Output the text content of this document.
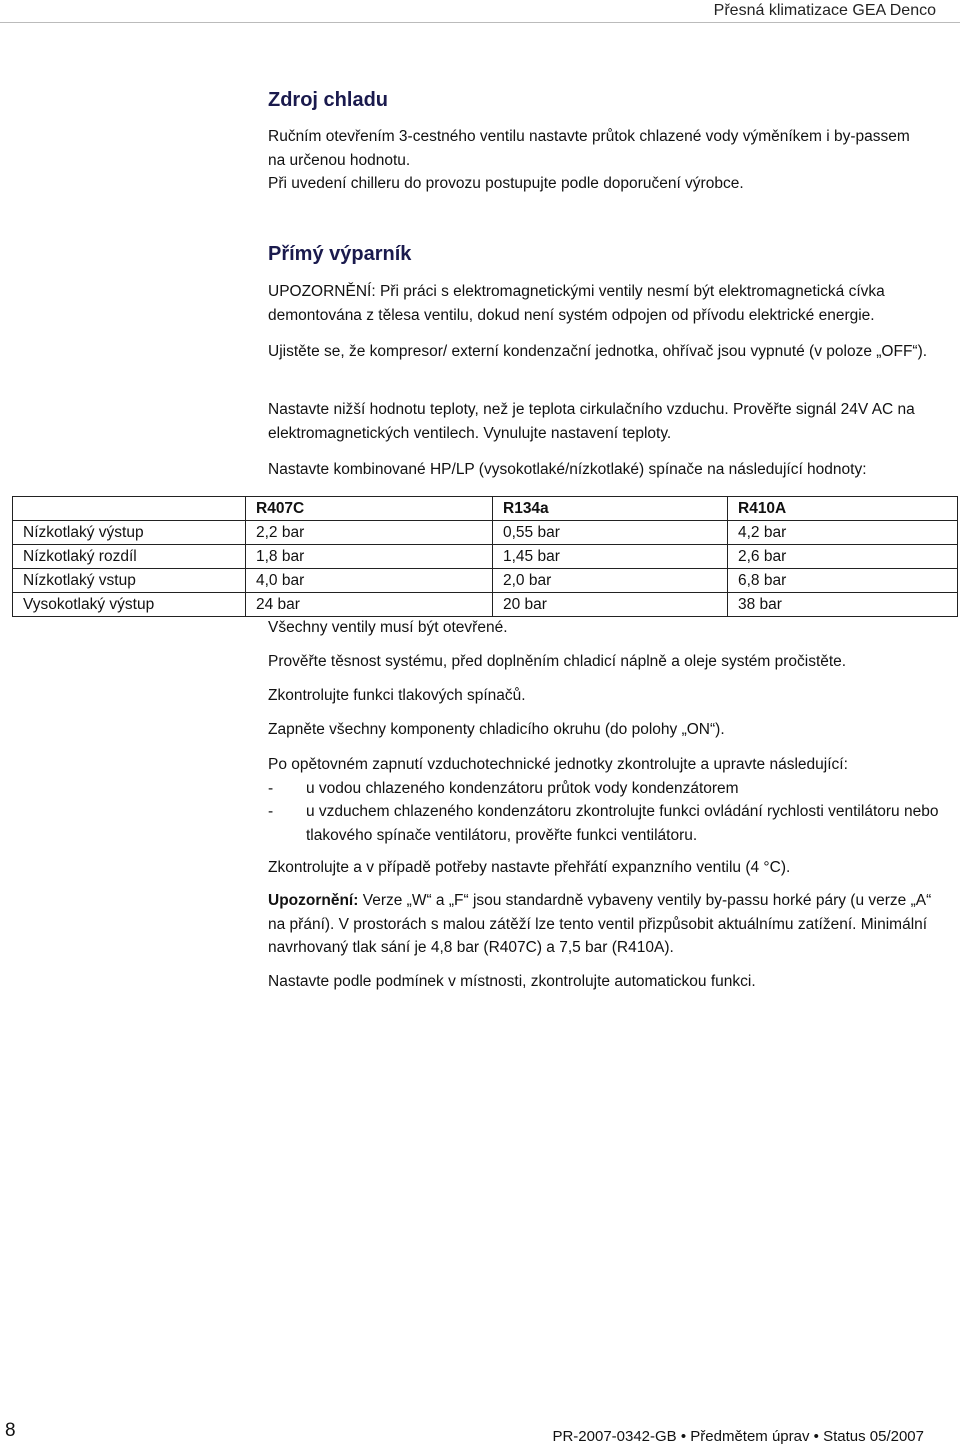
Přesná klimatizace GEA Denco
Zdroj chladu

Ručním otevřením 3-cestného ventilu nastavte průtok chlazené vody výměníkem i by-passem na určenou hodnotu.

Při uvedení chilleru do provozu postupujte podle doporučení výrobce.

Přímý výparník
UPOZORNĚNÍ: Při práci s elektromagnetickými ventily nesmí být elektromagnetická cívka demontována z tělesa ventilu, dokud není systém odpojen od přívodu elektrické energie.
Ujistěte se, že kompresor/ externí kondenzační jednotka, ohřívač jsou vypnuté (v poloze „OFF“).
Nastavte nižší hodnotu teploty, než je teplota cirkulačního vzduchu. Prověřte signál 24V AC na elektromagnetických ventilech. Vynulujte nastavení teploty.
Nastavte kombinované HP/LP (vysokotlaké/nízkotlaké) spínače na následující hodnoty:
	R407C	R134a	R410A
Nízkotlaký výstup	2,2 bar	0,55 bar	4,2 bar
Nízkotlaký rozdíl	1,8 bar	1,45 bar	2,6 bar
Nízkotlaký vstup	4,0 bar	2,0 bar	6,8 bar
Vysokotlaký výstup	24 bar	20 bar	38 bar
Všechny ventily musí být otevřené.
Prověřte těsnost systému, před doplněním chladicí náplně a oleje systém pročistěte.
Zkontrolujte funkci tlakových spínačů.
Zapněte všechny komponenty chladicího okruhu (do polohy „ON“).

Po opětovném zapnutí vzduchotechnické jednotky zkontrolujte a upravte následující:

-	u vodou chlazeného kondenzátoru průtok vody kondenzátorem
-	u vzduchem chlazeného kondenzátoru zkontrolujte funkci ovládání rychlosti ventilátoru nebo tlakového spínače ventilátoru, prověřte funkci ventilátoru.
Zkontrolujte a v případě potřeby nastavte přehřátí expanzního ventilu (4 °C).
Upozornění: Verze „W“ a „F“ jsou standardně vybaveny ventily by-passu horké páry (u verze „A“ na přání). V prostorách s malou zátěží lze tento ventil přizpůsobit aktuálnímu zatížení. Minimální navrhovaný tlak sání je 4,8 bar (R407C) a 7,5 bar (R410A).
Nastavte podle podmínek v místnosti, zkontrolujte automatickou funkci.
8	PR-2007-0342-GB • Předmětem úprav • Status 05/2007
